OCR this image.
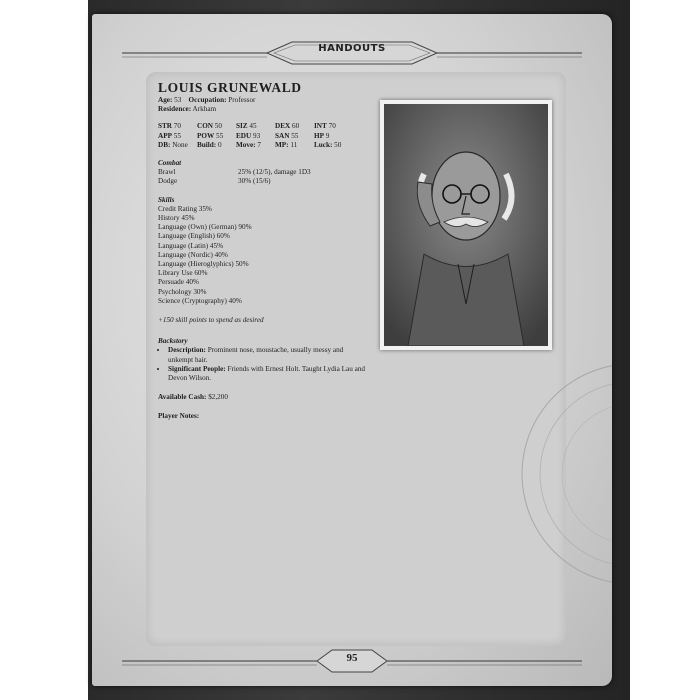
HANDOUTS
LOUIS GRUNEWALD
Age: 53 Occupation: Professor
Residence: Arkham
STR 70	CON 50	SIZ 45	DEX 60	INT 70
APP 55	POW 55	EDU 93	SAN 55	HP 9
DB: None	Build: 0	Move: 7	MP: 11	Luck: 50
Combat
Brawl	25% (12/5), damage 1D3
Dodge	30% (15/6)
Skills
Credit Rating 35%
History 45%
Language (Own) (German) 90%
Language (English) 60%
Language (Latin) 45%
Language (Nordic) 40%
Language (Hieroglyphics) 50%
Library Use 60%
Persuade 40%
Psychology 30%
Science (Cryptography) 40%
+150 skill points to spend as desired
Backstory
• Description: Prominent nose, moustache, usually messy and unkempt hair.
• Significant People: Friends with Ernest Holt. Taught Lydia Lau and Devon Wilson.
Available Cash: $2,200
Player Notes:
95
